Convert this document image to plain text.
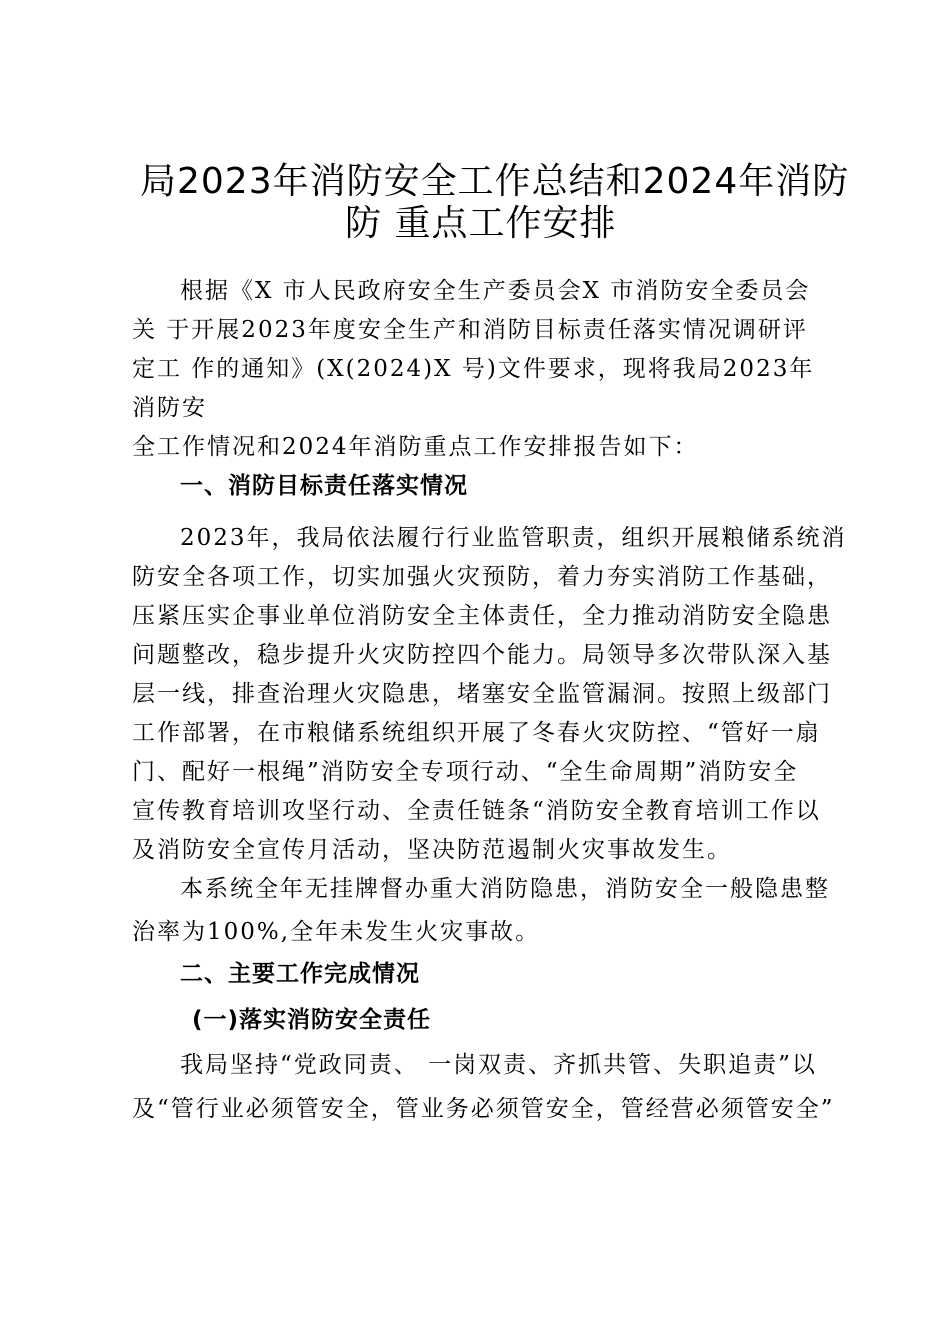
局2023年消防安全工作总结和2024年消防
防 重点工作安排
根据《X 市人民政府安全生产委员会X 市消防安全委员会
关 于开展2023年度安全生产和消防目标责任落实情况调研评
定工 作的通知》(X(2024)X 号)文件要求，现将我局2023年
消防安
全工作情况和2024年消防重点工作安排报告如下：
一、消防目标责任落实情况
2023年，我局依法履行行业监管职责，组织开展粮储系统消
防安全各项工作，切实加强火灾预防，着力夯实消防工作基础，
压紧压实企事业单位消防安全主体责任，全力推动消防安全隐患
问题整改，稳步提升火灾防控四个能力。局领导多次带队深入基
层一线，排查治理火灾隐患，堵塞安全监管漏洞。按照上级部门
工作部署，在市粮储系统组织开展了冬春火灾防控、“管好一扇
门、配好一根绳”消防安全专项行动、“全生命周期”消防安全
宣传教育培训攻坚行动、全责任链条“消防安全教育培训工作以
及消防安全宣传月活动，坚决防范遏制火灾事故发生。
本系统全年无挂牌督办重大消防隐患，消防安全一般隐患整
治率为100%,全年未发生火灾事故。
二、主要工作完成情况
(一)落实消防安全责任
我局坚持“党政同责、 一岗双责、齐抓共管、失职追责”以
及“管行业必须管安全，管业务必须管安全，管经营必须管安全”
